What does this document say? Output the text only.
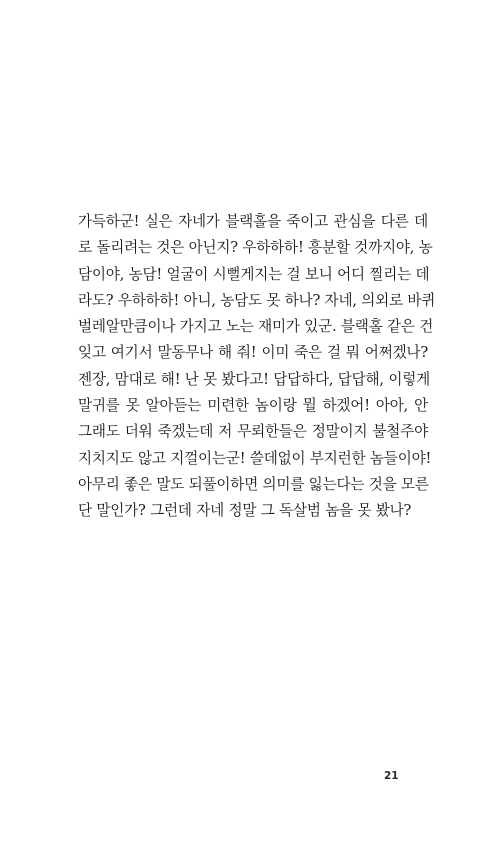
가득하군! 실은 자네가 블랙홀을 죽이고 관심을 다른 데
로 돌리려는 것은 아닌지? 우하하하! 흥분할 것까지야, 농
담이야, 농담! 얼굴이 시뻘게지는 걸 보니 어디 찔리는 데
라도? 우하하하! 아니, 농담도 못 하나? 자네, 의외로 바퀴
벌레알만큼이나 가지고 노는 재미가 있군. 블랙홀 같은 건
잊고 여기서 말동무나 해 줘! 이미 죽은 걸 뭐 어쩌겠나?
젠장, 맘대로 해! 난 못 봤다고! 답답하다, 답답해, 이렇게
말귀를 못 알아듣는 미련한 놈이랑 뭘 하겠어! 아아, 안
그래도 더워 죽겠는데 저 무뢰한들은 정말이지 불철주야
지치지도 않고 지껄이는군! 쓸데없이 부지런한 놈들이야!
아무리 좋은 말도 되풀이하면 의미를 잃는다는 것을 모른
단 말인가? 그런데 자네 정말 그 독살범 놈을 못 봤나?
21
